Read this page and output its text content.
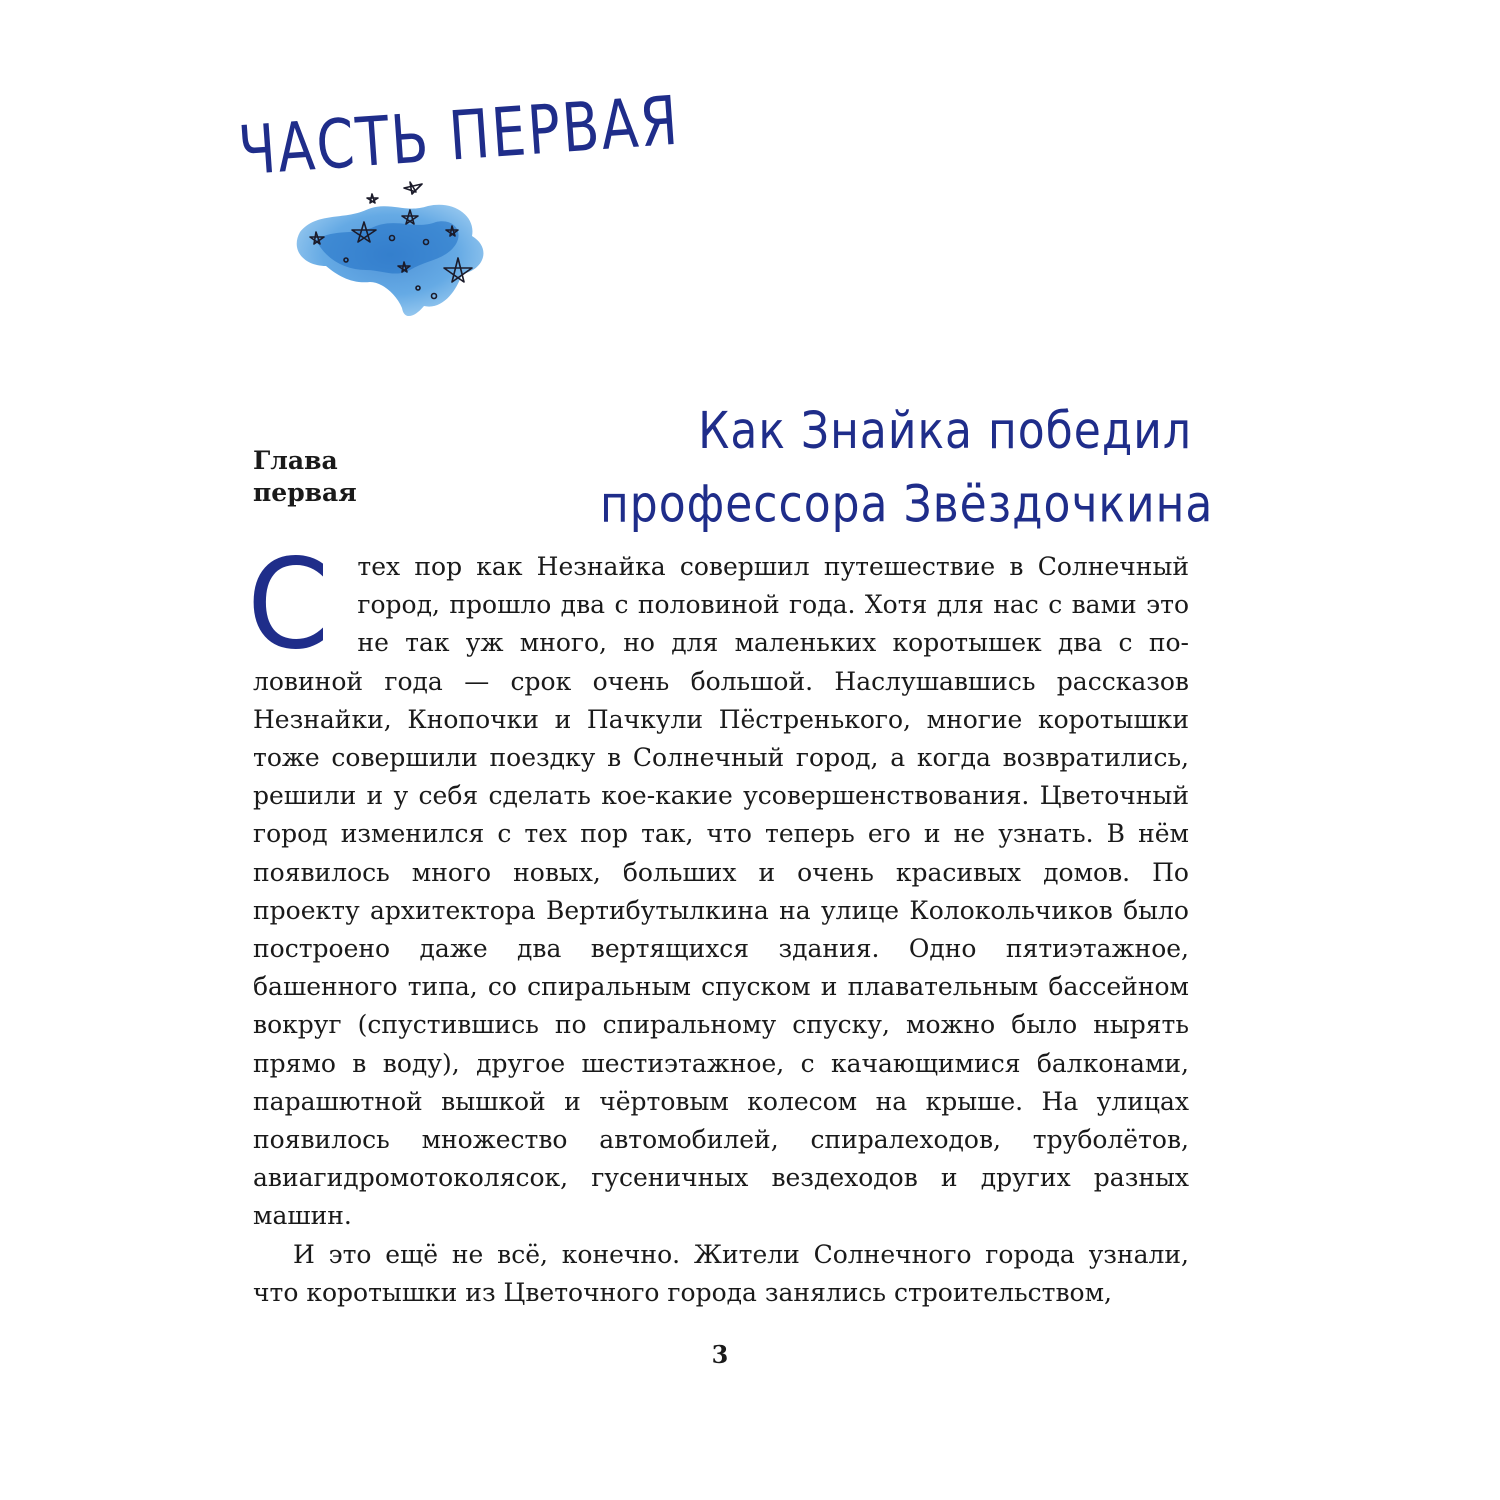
ЧАСТЬ ПЕРВАЯ
Глава первая
Как Знайка победил
профессора Звёздочкина

С тех пор как Незнайка совершил путешествие в Солнечный город, прошло два с половиной года. Хотя для нас с вами это не так уж много, но для маленьких коротышек два с половиной года — срок очень большой. Наслушавшись рассказов Незнайки, Кнопочки и Пачкули Пёстренького, многие коротышки тоже совершили поездку в Солнечный город, а когда возвратились, решили и у себя сделать кое-какие усовершенствования. Цветочный город изменился с тех пор так, что теперь его и не узнать. В нём появилось много новых, больших и очень красивых домов. По проекту архитектора Вертибутылкина на улице Колокольчиков было построено даже два вертящихся здания. Одно пятиэтажное, башенного типа, со спиральным спуском и плавательным бассейном вокруг (спустившись по спиральному спуску, можно было нырять прямо в воду), другое шестиэтажное, с качающимися балконами, парашютной вышкой и чёртовым колесом на крыше. На улицах появилось множество автомобилей, спиралеходов, труболётов, авиагидромотоколясок, гусеничных вездеходов и других разных машин.

И это ещё не всё, конечно. Жители Солнечного города узнали, что коротышки из Цветочного города занялись строительством,

3
